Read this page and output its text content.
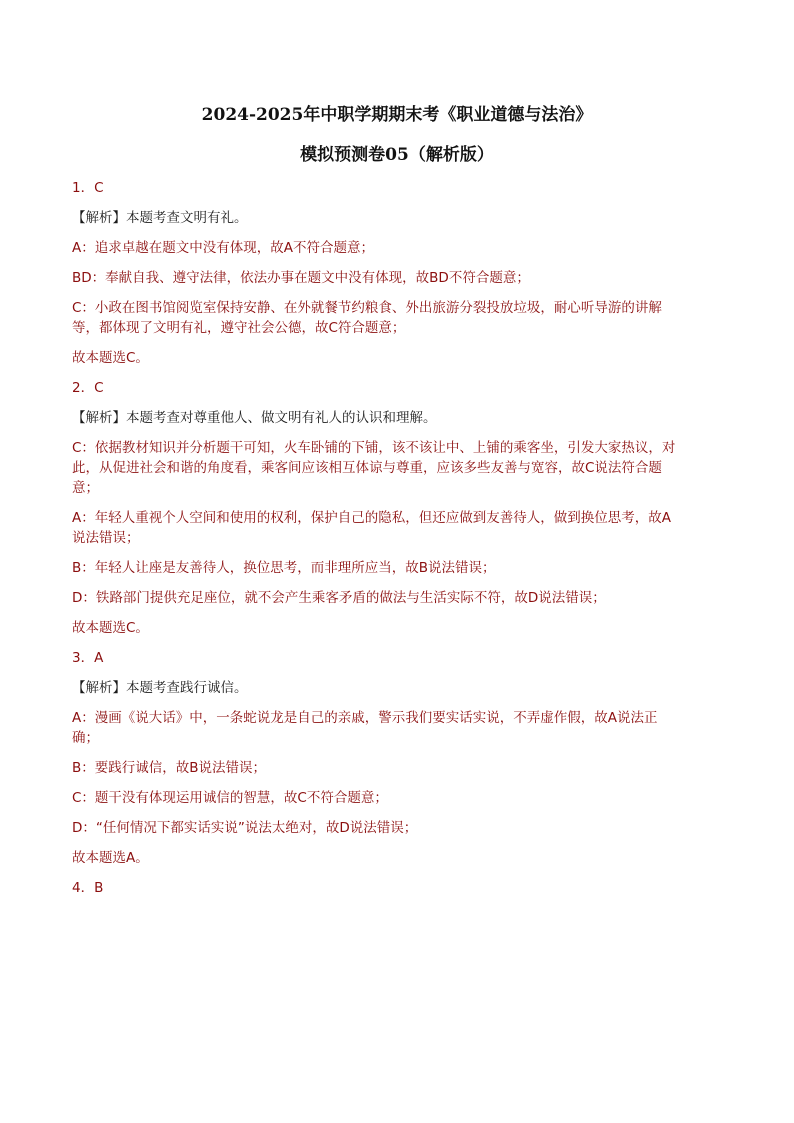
2024-2025年中职学期期末考《职业道德与法治》
模拟预测卷05（解析版）

1．C

【解析】本题考查文明有礼。

A：追求卓越在题文中没有体现，故A不符合题意；

BD：奉献自我、遵守法律，依法办事在题文中没有体现，故BD不符合题意；

C：小政在图书馆阅览室保持安静、在外就餐节约粮食、外出旅游分裂投放垃圾，耐心听导游的讲解等，都体现了文明有礼，遵守社会公德，故C符合题意；

故本题选C。

2．C

【解析】本题考查对尊重他人、做文明有礼人的认识和理解。

C：依据教材知识并分析题干可知，火车卧铺的下铺，该不该让中、上铺的乘客坐，引发大家热议，对此，从促进社会和谐的角度看，乘客间应该相互体谅与尊重，应该多些友善与宽容，故C说法符合题意；

A：年轻人重视个人空间和使用的权利，保护自己的隐私，但还应做到友善待人，做到换位思考，故A说法错误；

B：年轻人让座是友善待人，换位思考，而非理所应当，故B说法错误；

D：铁路部门提供充足座位，就不会产生乘客矛盾的做法与生活实际不符，故D说法错误；

故本题选C。

3．A

【解析】本题考查践行诚信。

A：漫画《说大话》中，一条蛇说龙是自己的亲戚，警示我们要实话实说，不弄虚作假，故A说法正确；

B：要践行诚信，故B说法错误；

C：题干没有体现运用诚信的智慧，故C不符合题意；

D：“任何情况下都实话实说”说法太绝对，故D说法错误；

故本题选A。

4．B
